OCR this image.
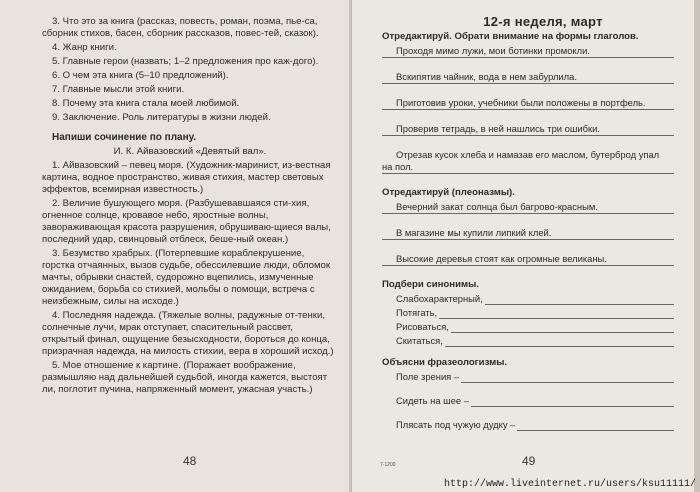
3. Что это за книга (рассказ, повесть, роман, поэма, пье-са, сборник стихов, басен, сборник рассказов, повес-тей, сказок).

4. Жанр книги.

5. Главные герои (назвать; 1–2 предложения про каж-дого).

6. О чем эта книга (5–10 предложений).

7. Главные мысли этой книги.

8. Почему эта книга стала моей любимой.

9. Заключение. Роль литературы в жизни людей.

Напиши сочинение по плану.

И. К. Айвазовский «Девятый вал».

1. Айвазовский – певец моря. (Художник-маринист, из-вестная картина, водное пространство, живая стихия, мастер световых эффектов, всемирная известность.)

2. Величие бушующего моря. (Разбушевавшаяся сти-хия, огненное солнце, кровавое небо, яростные волны, завораживающая красота разрушения, обрушиваю-щиеся валы, последний удар, свинцовый отблеск, беше-ный океан.)

3. Безумство храбрых. (Потерпевшие кораблекрушение, горстка отчаянных, вызов судьбе, обессилевшие люди, обломок мачты, обрывки снастей, судорожно вцепились, измученные ожиданием, борьба со стихией, мольбы о помощи, встреча с неизбежным, силы на исходе.)

4. Последняя надежда. (Тяжелые волны, радужные от-тенки, солнечные лучи, мрак отступает, спасительный рассвет, открытый финал, ощущение безысходности, бороться до конца, призрачная надежда, на милость стихии, вера в хороший исход.)

5. Мое отношение к картине. (Поражает воображение, размышляю над дальнейшей судьбой, иногда кажется, выстоят ли, поглотит пучина, напряженный момент, ужасная участь.)

48
12-я неделя, март
Отредактируй. Обрати внимание на формы глаголов.
Проходя мимо лужи, мои ботинки промокли.
Вскипятив чайник, вода в нем забурлила.
Приготовив уроки, учебники были положены в портфель.
Проверив тетрадь, в ней нашлись три ошибки.
Отрезав кусок хлеба и намазав его маслом, бутерброд упал
на пол.
Отредактируй (плеоназмы).
Вечерний закат солнца был багрово-красным.
В магазине мы купили липкий клей.
Высокие деревья стоят как огромные великаны.
Подбери синонимы.
Слабохарактерный,
Потягать,
Рисоваться,
Скитаться,
Объясни фразеологизмы.
Поле зрения –
Сидеть на шее –
Плясать под чужую дудку –
7-1200	49
http://www.liveinternet.ru/users/ksu11111/
